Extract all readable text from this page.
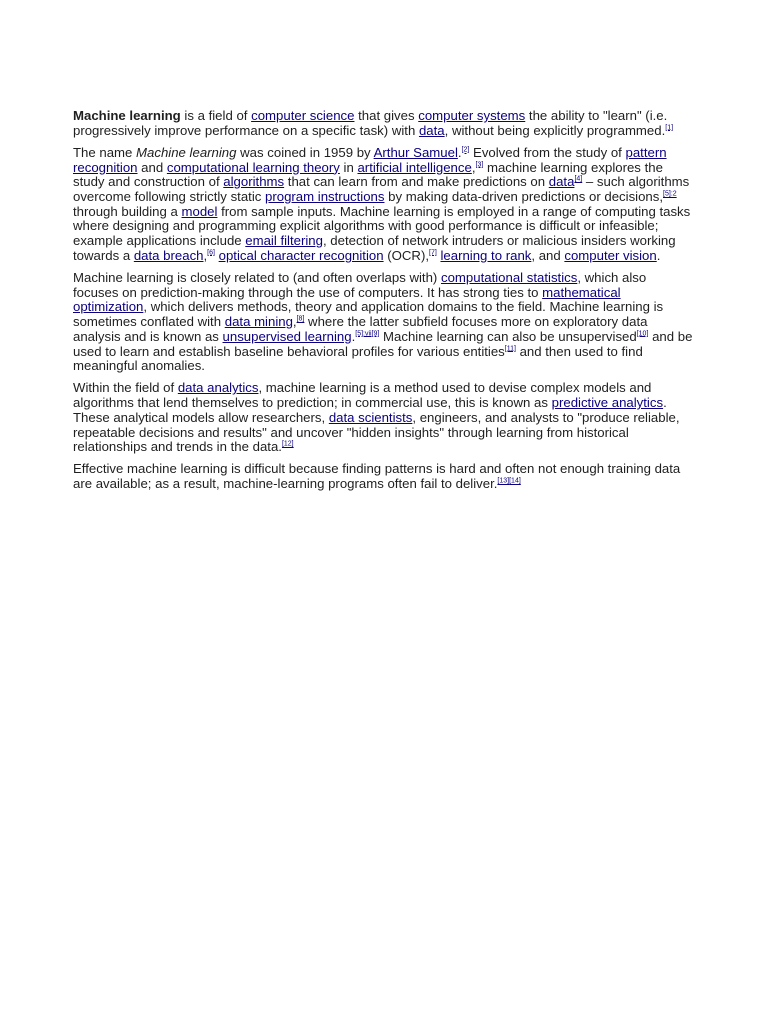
Machine learning is a field of computer science that gives computer systems the ability to "learn" (i.e. progressively improve performance on a specific task) with data, without being explicitly programmed.[1]

The name Machine learning was coined in 1959 by Arthur Samuel.[2] Evolved from the study of pattern recognition and computational learning theory in artificial intelligence,[3] machine learning explores the study and construction of algorithms that can learn from and make predictions on data[4] – such algorithms overcome following strictly static program instructions by making data-driven predictions or decisions,$^{[5]:2}$ through building a model from sample inputs. Machine learning is employed in a range of computing tasks where designing and programming explicit algorithms with good performance is difficult or infeasible; example applications include email filtering, detection of network intruders or malicious insiders working towards a data breach,[6] optical character recognition (OCR),[7] learning to rank, and computer vision.

Machine learning is closely related to (and often overlaps with) computational statistics, which also focuses on prediction-making through the use of computers. It has strong ties to mathematical optimization, which delivers methods, theory and application domains to the field. Machine learning is sometimes conflated with data mining,[8] where the latter subfield focuses more on exploratory data analysis and is known as unsupervised learning.[5]:vii[9] Machine learning can also be unsupervised[10] and be used to learn and establish baseline behavioral profiles for various entities[11] and then used to find meaningful anomalies.

Within the field of data analytics, machine learning is a method used to devise complex models and algorithms that lend themselves to prediction; in commercial use, this is known as predictive analytics. These analytical models allow researchers, data scientists, engineers, and analysts to "produce reliable, repeatable decisions and results" and uncover "hidden insights" through learning from historical relationships and trends in the data.[12]

Effective machine learning is difficult because finding patterns is hard and often not enough training data are available; as a result, machine-learning programs often fail to deliver.[13][14]
